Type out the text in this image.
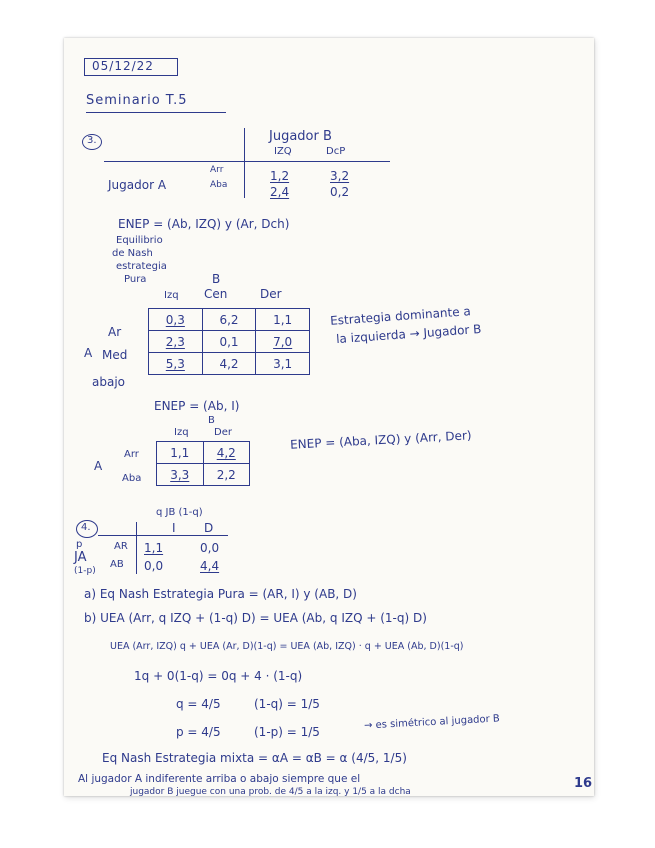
05/12/22
Seminario T.5
3.	Jugador B
IZQ	DcP
Jugador A
Arr
Aba
1,2	3,2
2,4	0,2
ENEP = (Ab, IZQ) y (Ar, Dch)
Equilibrio
de Nash
estrategia
Pura	B
Izq Cen	Der
A
Ar
Med
abajo
0,3	6,2	1,1
2,3	0,1	7,0
5,3	4,2	3,1
Estrategia dominante a
la izquierda → Jugador B
ENEP = (Ab, I)
B
Izq	Der
A
Arr
Aba
1,1	4,2
3,3	2,2
ENEP = (Aba, IZQ) y (Arr, Der)
4.
q JB (1-q)
I D
p
JA
(1-p)
AR
AB
1,1	0,0
0,0	4,4
a) Eq Nash Estrategia Pura = (AR, I) y (AB, D)
b) UEA (Arr, q IZQ + (1-q) D) = UEA (Ab, q IZQ + (1-q) D)
UEA (Arr, IZQ) q + UEA (Ar, D)(1-q) = UEA (Ab, IZQ) · q + UEA (Ab, D)(1-q)
1q + 0(1-q) = 0q + 4 · (1-q)
q = 4/5	(1-q) = 1/5
p = 4/5	(1-p) = 1/5
→ es simétrico al jugador B
Eq Nash Estrategia mixta = αA = αB = α (4/5, 1/5)
Al jugador A indiferente arriba o abajo siempre que el
jugador B juegue con una prob. de 4/5 a la izq. y 1/5 a la dcha
16
